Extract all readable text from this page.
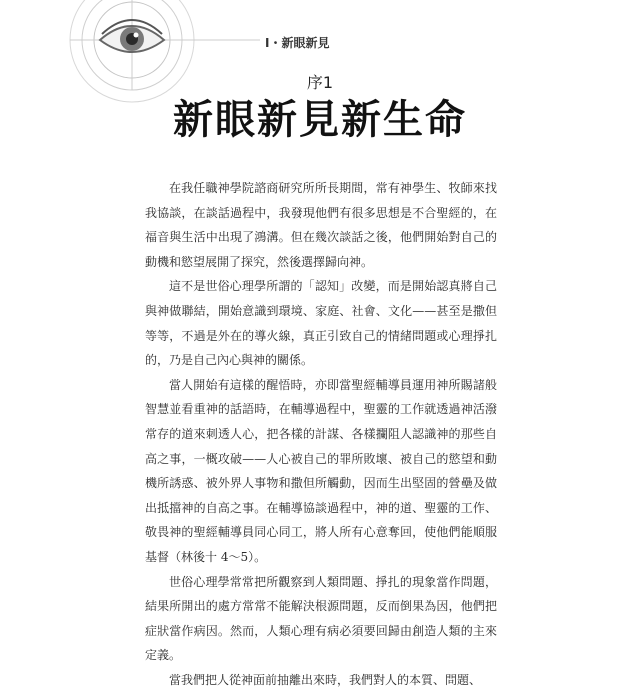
I・新眼新見
序1
新眼新見新生命

在我任職神學院諮商研究所所長期間，常有神學生、牧師來找我協談，在談話過程中，我發現他們有很多思想是不合聖經的，在福音與生活中出現了鴻溝。但在幾次談話之後，他們開始對自己的動機和慾望展開了探究，然後選擇歸向神。

這不是世俗心理學所謂的「認知」改變，而是開始認真將自己與神做聯結，開始意識到環境、家庭、社會、文化——甚至是撒但等等，不過是外在的導火線，真正引致自己的情緒問題或心理掙扎的，乃是自己內心與神的關係。

當人開始有這樣的醒悟時，亦即當聖經輔導員運用神所賜諸般智慧並看重神的話語時，在輔導過程中，聖靈的工作就透過神活潑常存的道來刺透人心，把各樣的計謀、各樣攔阻人認識神的那些自高之事，一概攻破——人心被自己的罪所敗壞、被自己的慾望和動機所誘惑、被外界人事物和撒但所觸動，因而生出堅固的營壘及做出抵擋神的自高之事。在輔導協談過程中，神的道、聖靈的工作、敬畏神的聖經輔導員同心同工，將人所有心意奪回，使他們能順服基督（林後十 4～5）。

世俗心理學常常把所觀察到人類問題、掙扎的現象當作問題，結果所開出的處方常常不能解決根源問題，反而倒果為因，他們把症狀當作病因。然而，人類心理有病必須要回歸由創造人類的主來定義。

當我們把人從神面前抽離出來時，我們對人的本質、問題、
